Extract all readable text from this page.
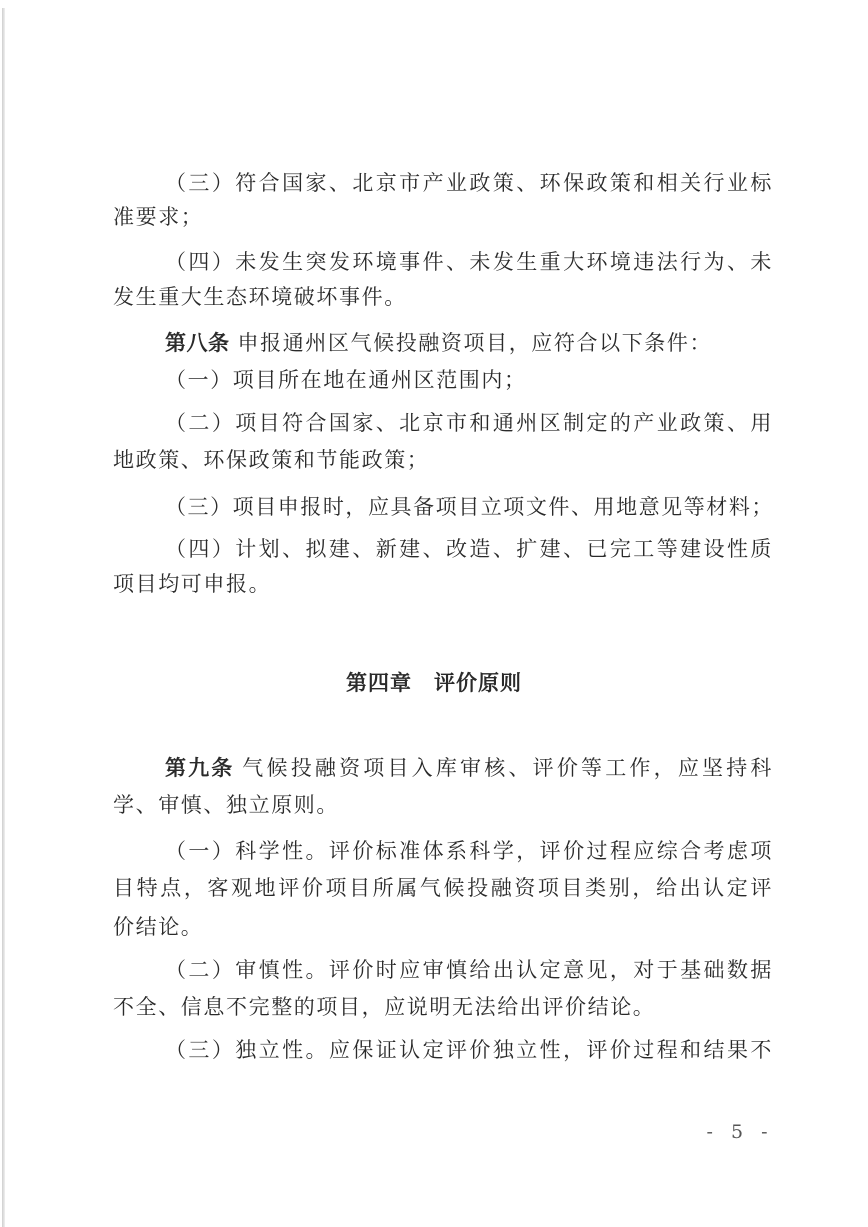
（三）符合国家、北京市产业政策、环保政策和相关行业标
准要求；
（四）未发生突发环境事件、未发生重大环境违法行为、未
发生重大生态环境破坏事件。
第八条 申报通州区气候投融资项目，应符合以下条件：
（一）项目所在地在通州区范围内；
（二）项目符合国家、北京市和通州区制定的产业政策、用
地政策、环保政策和节能政策；
（三）项目申报时，应具备项目立项文件、用地意见等材料；
（四）计划、拟建、新建、改造、扩建、已完工等建设性质
项目均可申报。
第四章　评价原则
第九条 气候投融资项目入库审核、评价等工作，应坚持科
学、审慎、独立原则。
（一）科学性。评价标准体系科学，评价过程应综合考虑项
目特点，客观地评价项目所属气候投融资项目类别，给出认定评
价结论。
（二）审慎性。评价时应审慎给出认定意见，对于基础数据
不全、信息不完整的项目，应说明无法给出评价结论。
（三）独立性。应保证认定评价独立性，评价过程和结果不
- 5 -
